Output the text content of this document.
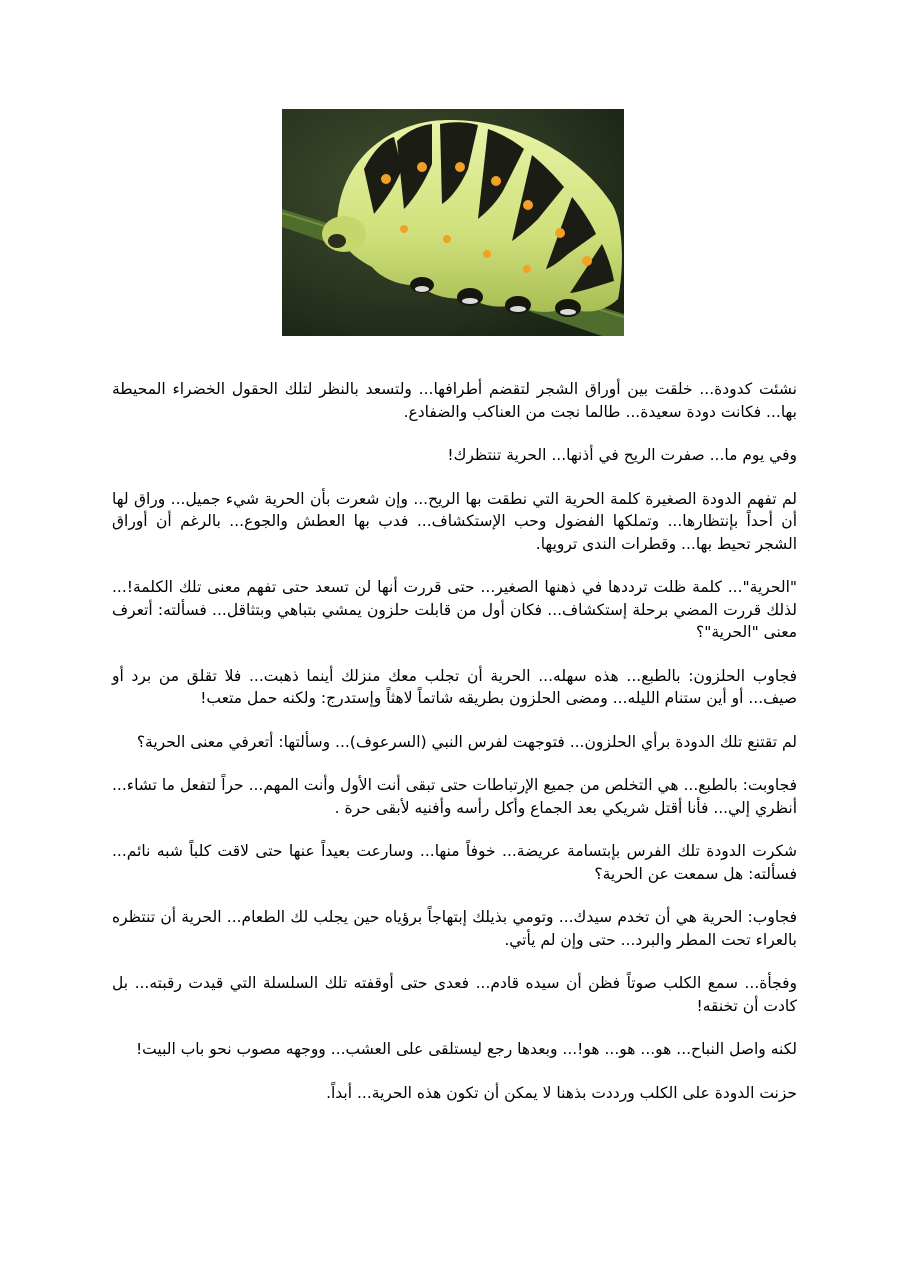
نشئت كدودة... خلقت بين أوراق الشجر لتقضم أطرافها... ولتسعد بالنظر لتلك الحقول الخضراء المحيطة بها... فكانت دودة سعيدة... طالما نجت من العناكب والضفادع.

وفي يوم ما... صفرت الريح في أذنها... الحرية تنتظرك!

لم تفهم الدودة الصغيرة كلمة الحرية التي نطقت بها الريح... وإن شعرت بأن الحرية شيء جميل... وراق لها أن أحداً بإنتظارها... وتملكها الفضول وحب الإستكشاف... فدب بها العطش والجوع... بالرغم أن أوراق الشجر تحيط بها... وقطرات الندى ترويها.

"الحرية"... كلمة ظلت ترددها في ذهنها الصغير... حتى قررت أنها لن تسعد حتى تفهم معنى تلك الكلمة!... لذلك قررت المضي برحلة إستكشاف... فكان أول من قابلت حلزون يمشي بتباهي وبتثاقل... فسألته: أتعرف معنى "الحرية"؟

فجاوب الحلزون: بالطبع... هذه سهله... الحرية أن تجلب معك منزلك أينما ذهبت... فلا تقلق من برد أو صيف... أو أين ستنام الليله... ومضى الحلزون بطريقه شاتماً لاهثاً وإستدرج: ولكنه حمل متعب!

لم تقتنع تلك الدودة برأي الحلزون... فتوجهت لفرس النبي (السرعوف)... وسألتها: أتعرفي معنى الحرية؟

فجاوبت: بالطبع... هي التخلص من جميع الإرتباطات حتى تبقى أنت الأول وأنت المهم... حراً لتفعل ما تشاء... أنظري إلي... فأنا أقتل شريكي بعد الجماع وأكل رأسه وأفنيه لأبقى حرة .

شكرت الدودة تلك الفرس بإبتسامة عريضة... خوفاً منها... وسارعت بعيداً عنها حتى لاقت كلباً شبه نائم... فسألته: هل سمعت عن الحرية؟

فجاوب: الحرية هي أن تخدم سيدك... وتومي بذيلك إبتهاجاً برؤياه حين يجلب لك الطعام... الحرية أن تنتظره بالعراء تحت المطر والبرد... حتى وإن لم يأتي.

وفجأة... سمع الكلب صوتاً فظن أن سيده قادم... فعدى حتى أوقفته تلك السلسلة التي قيدت رقبته... بل كادت أن تخنقه!

لكنه واصل النباح... هو... هو... هو!... وبعدها رجع ليستلقى على العشب... ووجهه مصوب نحو باب البيت!

حزنت الدودة على الكلب ورددت بذهنا لا يمكن أن تكون هذه الحرية... أبداً.
